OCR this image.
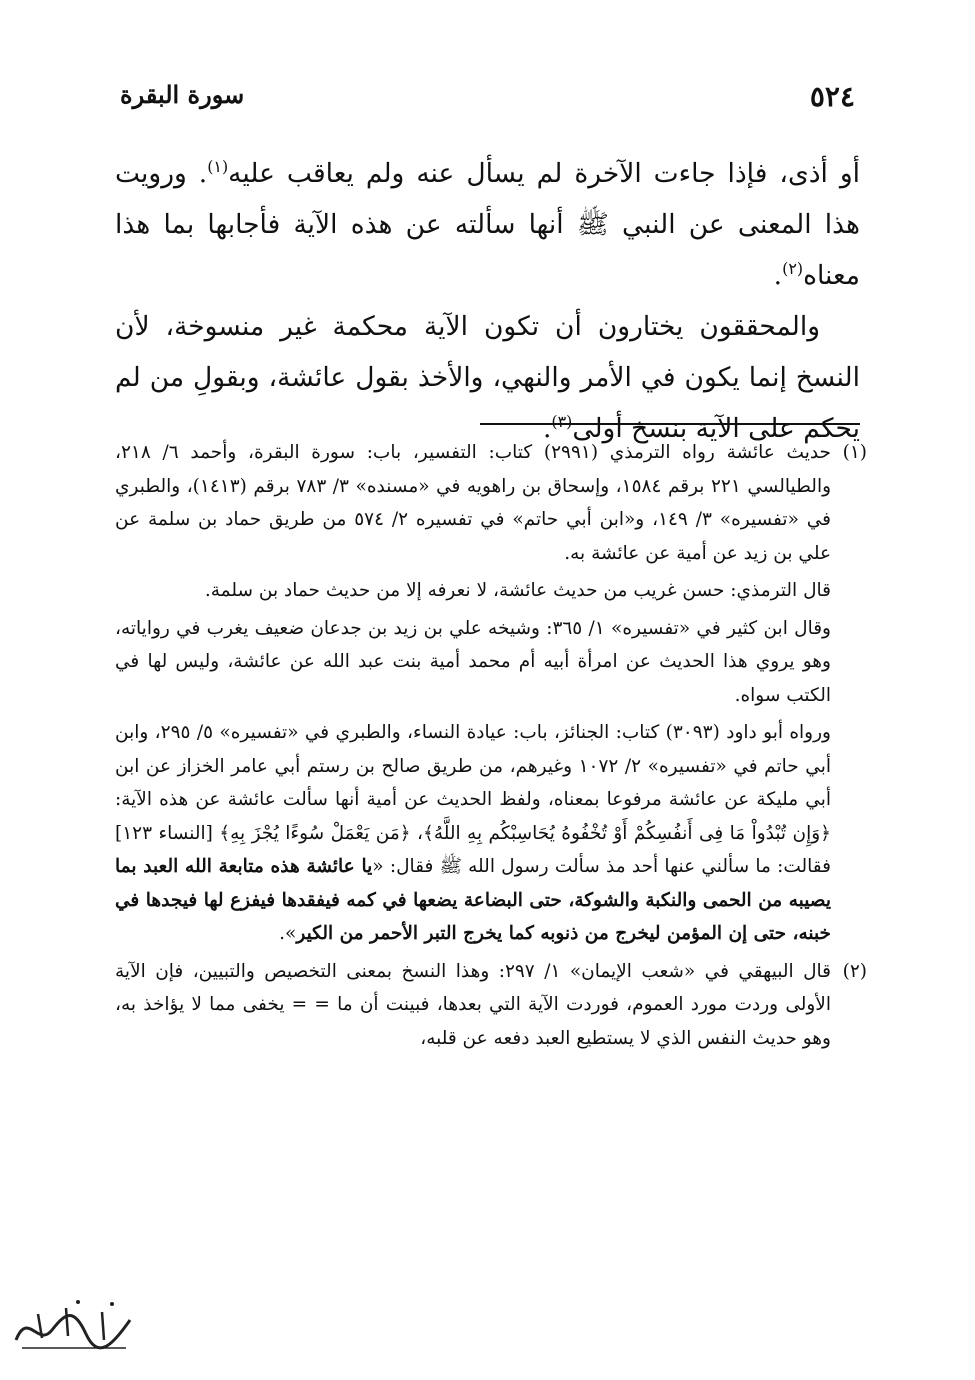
٥٢٤
سورة البقرة

أو أذى، فإذا جاءت الآخرة لم يسأل عنه ولم يعاقب عليه$^{(١)}$. ورويت هذا المعنى عن النبي ﷺ أنها سألته عن هذه الآية فأجابها بما هذا معناه$^{(٢)}$.

والمحققون يختارون أن تكون الآية محكمة غير منسوخة، لأن النسخ إنما يكون في الأمر والنهي، والأخذ بقول عائشة، وبقولِ من لم يحكم على الآية بنسخ أولى$^{(٣)}$.

(١)

حديث عائشة رواه الترمذي (٢٩٩١) كتاب: التفسير، باب: سورة البقرة، وأحمد ٦/ ٢١٨، والطيالسي ٢٢١ برقم ١٥٨٤، وإسحاق بن راهويه في «مسنده» ٣/ ٧٨٣ برقم (١٤١٣)، والطبري في «تفسيره» ٣/ ١٤٩، و«ابن أبي حاتم» في تفسيره ٢/ ٥٧٤ من طريق حماد بن سلمة عن علي بن زيد عن أمية عن عائشة به.

قال الترمذي: حسن غريب من حديث عائشة، لا نعرفه إلا من حديث حماد بن سلمة.

وقال ابن كثير في «تفسيره» ١/ ٣٦٥: وشيخه علي بن زيد بن جدعان ضعيف يغرب في رواياته، وهو يروي هذا الحديث عن امرأة أبيه أم محمد أمية بنت عبد الله عن عائشة، وليس لها في الكتب سواه.

ورواه أبو داود (٣٠٩٣) كتاب: الجنائز، باب: عيادة النساء، والطبري في «تفسيره» ٥/ ٢٩٥، وابن أبي حاتم في «تفسيره» ٢/ ١٠٧٢ وغيرهم، من طريق صالح بن رستم أبي عامر الخزاز عن ابن أبي مليكة عن عائشة مرفوعا بمعناه، ولفظ الحديث عن أمية أنها سألت عائشة عن هذه الآية: ﴿وَإِن تُبْدُواْ مَا فِى أَنفُسِكُمْ أَوْ تُخْفُوهُ يُحَاسِبْكُم بِهِ اللَّهُ﴾، ﴿مَن يَعْمَلْ سُوءًا يُجْزَ بِهِ﴾ [النساء ١٢٣] فقالت: ما سألني عنها أحد مذ سألت رسول الله ﷺ فقال: «يا عائشة هذه متابعة الله العبد بما يصيبه من الحمى والنكبة والشوكة، حتى البضاعة يضعها في كمه فيفقدها فيفزع لها فيجدها في خبنه، حتى إن المؤمن ليخرج من ذنوبه كما يخرج التبر الأحمر من الكير».

(٢)

قال البيهقي في «شعب الإيمان» ١/ ٢٩٧: وهذا النسخ بمعنى التخصيص والتبيين، فإن الآية الأولى وردت مورد العموم، فوردت الآية التي بعدها، فبينت أن ما = = يخفى مما لا يؤاخذ به، وهو حديث النفس الذي لا يستطيع العبد دفعه عن قلبه،
